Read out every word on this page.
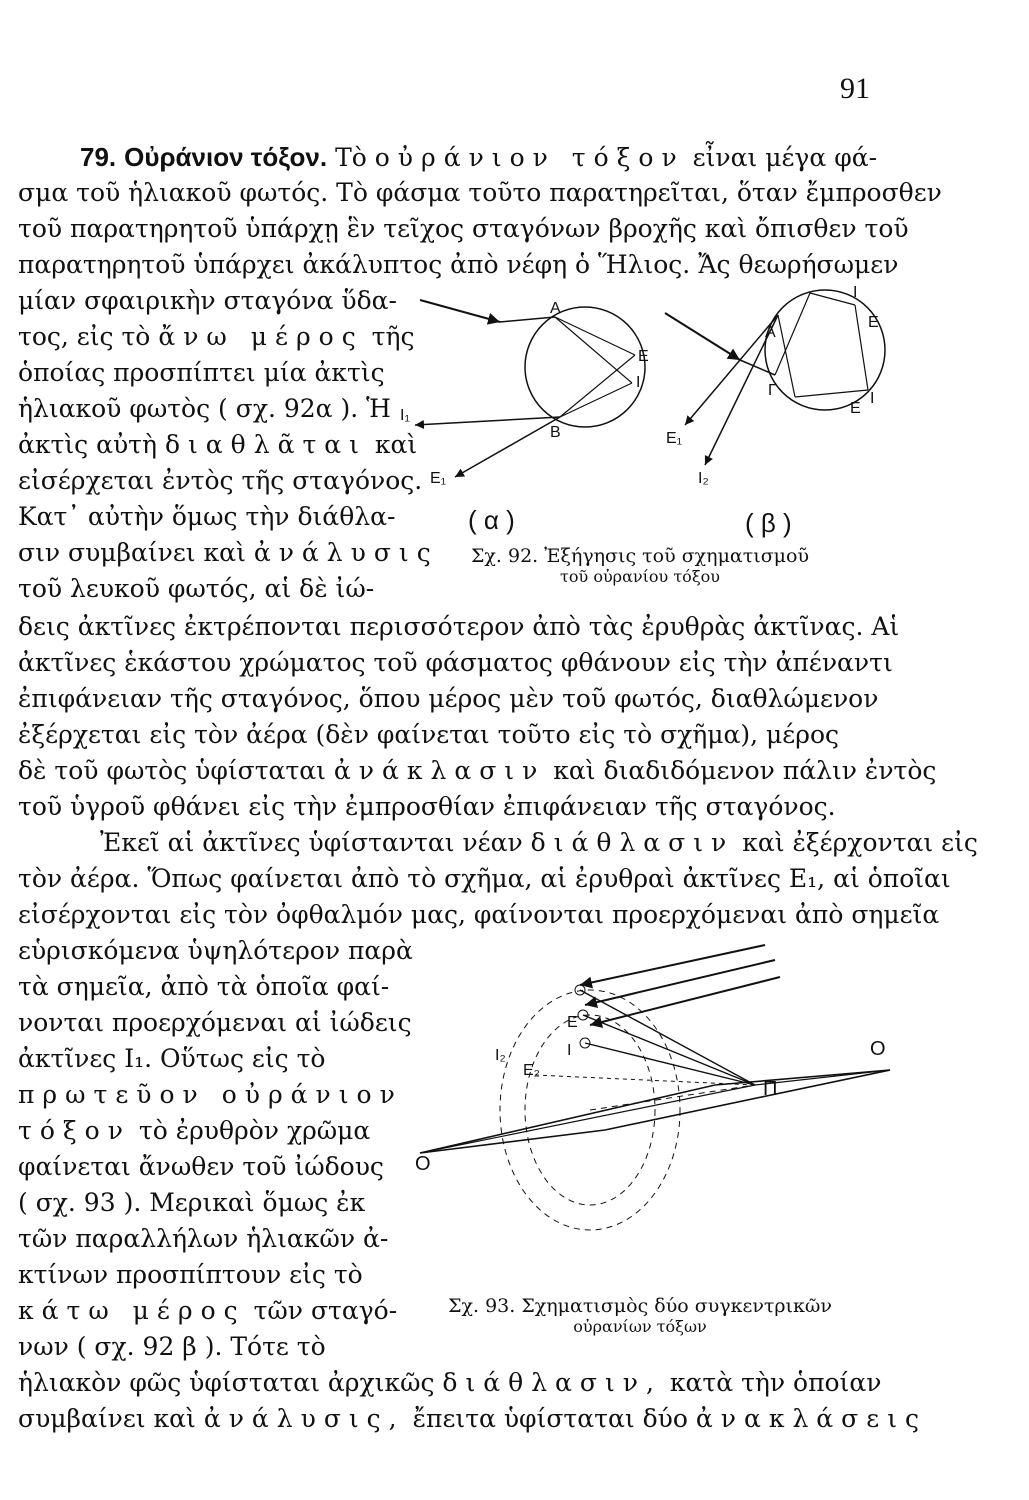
91
79. Οὐράνιον τόξον. Τὸ οὐράνιον τόξον εἶναι μέγα φά-
σμα τοῦ ἡλιακοῦ φωτός. Τὸ φάσμα τοῦτο παρατηρεῖται, ὅταν ἔμπροσθεν
τοῦ παρατηρητοῦ ὑπάρχῃ ἓν τεῖχος σταγόνων βροχῆς καὶ ὄπισθεν τοῦ
παρατηρητοῦ ὑπάρχει ἀκάλυπτος ἀπὸ νέφη ὁ Ἥλιος. Ἄς θεωρήσωμεν
μίαν σφαιρικὴν σταγόνα ὕδα-
τος, εἰς τὸ ἄνω μέρος τῆς
ὁποίας προσπίπτει μία ἀκτὶς
ἡλιακοῦ φωτὸς ( σχ. 92α ). Ἡ
ἀκτὶς αὐτὴ διαθλᾶται καὶ
εἰσέρχεται ἐντὸς τῆς σταγόνος.
Κατ᾽ αὐτὴν ὅμως τὴν διάθλα-
σιν συμβαίνει καὶ ἀνάλυσις
τοῦ λευκοῦ φωτός, αἱ δὲ ἰώ-
δεις ἀκτῖνες ἐκτρέπονται περισσότερον ἀπὸ τὰς ἐρυθρὰς ἀκτῖνας. Αἱ
ἀκτῖνες ἑκάστου χρώματος τοῦ φάσματος φθάνουν εἰς τὴν ἀπέναντι
ἐπιφάνειαν τῆς σταγόνος, ὅπου μέρος μὲν τοῦ φωτός, διαθλώμενον
ἐξέρχεται εἰς τὸν ἀέρα (δὲν φαίνεται τοῦτο εἰς τὸ σχῆμα), μέρος
δὲ τοῦ φωτὸς ὑφίσταται ἀνάκλασιν καὶ διαδιδόμενον πάλιν ἐντὸς
τοῦ ὑγροῦ φθάνει εἰς τὴν ἐμπροσθίαν ἐπιφάνειαν τῆς σταγόνος.
Ἐκεῖ αἱ ἀκτῖνες ὑφίστανται νέαν διάθλασιν καὶ ἐξέρχονται εἰς
τὸν ἀέρα. Ὅπως φαίνεται ἀπὸ τὸ σχῆμα, αἱ ἐρυθραὶ ἀκτῖνες Ε₁, αἱ ὁποῖαι
εἰσέρχονται εἰς τὸν ὀφθαλμόν μας, φαίνονται προερχόμεναι ἀπὸ σημεῖα
εὑρισκόμενα ὑψηλότερον παρὰ
τὰ σημεῖα, ἀπὸ τὰ ὁποῖα φαί-
νονται προερχόμεναι αἱ ἰώδεις
ἀκτῖνες Ι₁. Οὕτως εἰς τὸ
πρωτεῦον οὐράνιον
τόξον τὸ ἐρυθρὸν χρῶμα
φαίνεται ἄνωθεν τοῦ ἰώδους
( σχ. 93 ). Μερικαὶ ὅμως ἐκ
τῶν παραλλήλων ἡλιακῶν ἀ-
κτίνων προσπίπτουν εἰς τὸ
κάτω μέρος τῶν σταγό-
νων ( σχ. 92 β ). Τότε τὸ
ἡλιακὸν φῶς ὑφίσταται ἀρχικῶς διάθλασιν, κατὰ τὴν ὁποίαν
συμβαίνει καὶ ἀνάλυσις, ἔπειτα ὑφίσταται δύο ἀνακλάσεις
A
E
I
B
I₁
E₁
A
I
E
Γ
E
I
E₁
I₂
( α )	( β )
Σχ. 92. Ἐξήγησις τοῦ σχηματισμοῦ
τοῦ οὐρανίου τόξου
E
I
E₂
I₂
Π
O
O
Σχ. 93. Σχηματισμὸς δύο συγκεντρικῶν
οὐρανίων τόξων
